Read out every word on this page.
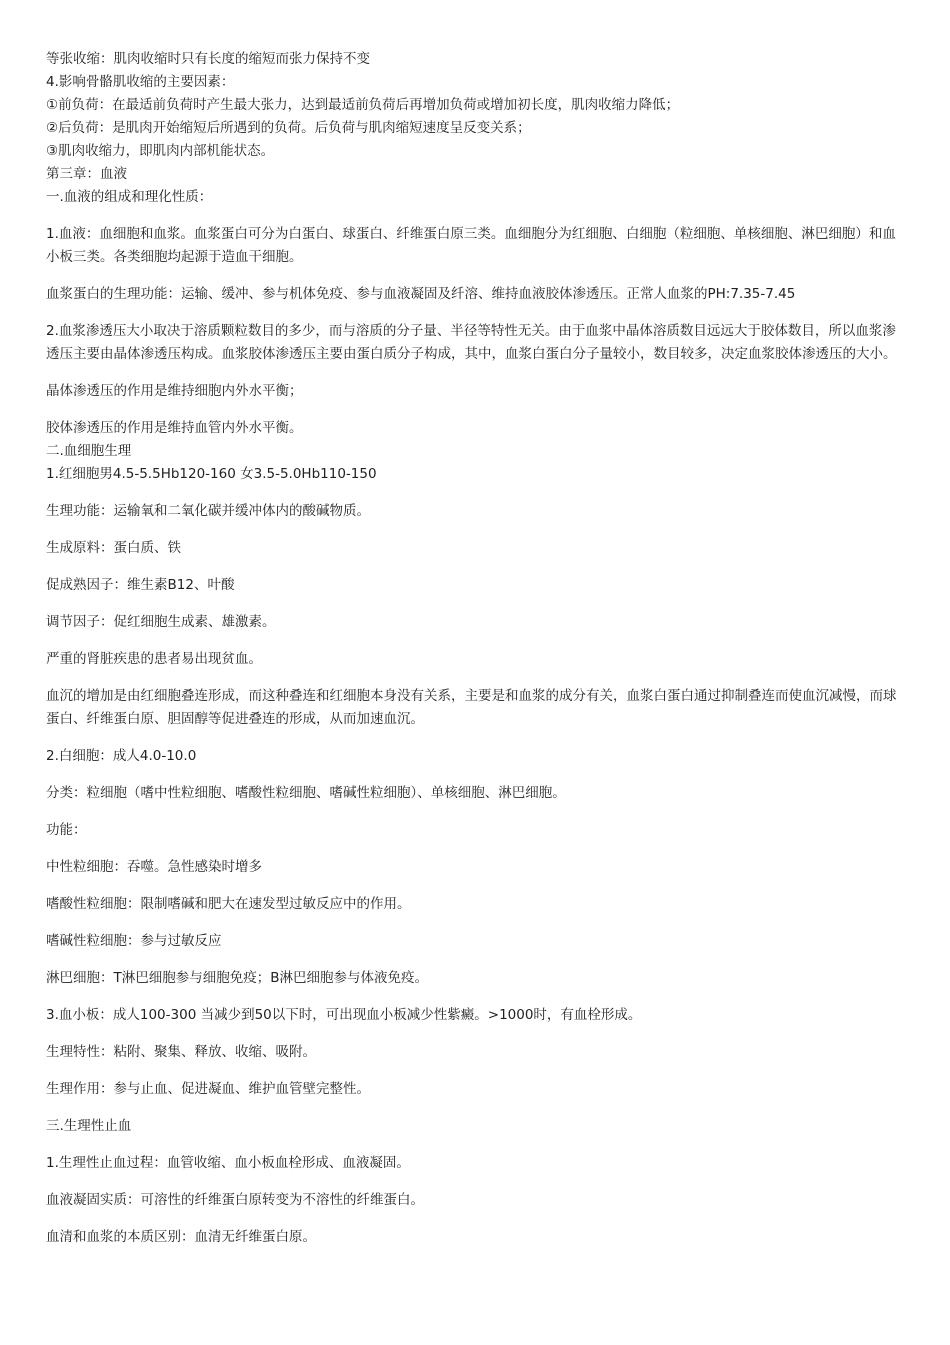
等张收缩：肌肉收缩时只有长度的缩短而张力保持不变

4.影响骨骼肌收缩的主要因素：

①前负荷：在最适前负荷时产生最大张力，达到最适前负荷后再增加负荷或增加初长度，肌肉收缩力降低；

②后负荷：是肌肉开始缩短后所遇到的负荷。后负荷与肌肉缩短速度呈反变关系；

③肌肉收缩力，即肌肉内部机能状态。

第三章：血液

一.血液的组成和理化性质：

1.血液：血细胞和血浆。血浆蛋白可分为白蛋白、球蛋白、纤维蛋白原三类。血细胞分为红细胞、白细胞（粒细胞、单核细胞、淋巴细胞）和血小板三类。各类细胞均起源于造血干细胞。

血浆蛋白的生理功能：运输、缓冲、参与机体免疫、参与血液凝固及纤溶、维持血液胶体渗透压。正常人血浆的PH:7.35-7.45

2.血浆渗透压大小取决于溶质颗粒数目的多少，而与溶质的分子量、半径等特性无关。由于血浆中晶体溶质数目远远大于胶体数目，所以血浆渗透压主要由晶体渗透压构成。血浆胶体渗透压主要由蛋白质分子构成，其中，血浆白蛋白分子量较小，数目较多，决定血浆胶体渗透压的大小。

晶体渗透压的作用是维持细胞内外水平衡；

胶体渗透压的作用是维持血管内外水平衡。

二.血细胞生理

1.红细胞男4.5-5.5Hb120-160 女3.5-5.0Hb110-150

生理功能：运输氧和二氧化碳并缓冲体内的酸碱物质。

生成原料：蛋白质、铁

促成熟因子：维生素B12、叶酸

调节因子：促红细胞生成素、雄激素。

严重的肾脏疾患的患者易出现贫血。

血沉的增加是由红细胞叠连形成，而这种叠连和红细胞本身没有关系，主要是和血浆的成分有关，血浆白蛋白通过抑制叠连而使血沉减慢，而球蛋白、纤维蛋白原、胆固醇等促进叠连的形成，从而加速血沉。

2.白细胞：成人4.0-10.0

分类：粒细胞（嗜中性粒细胞、嗜酸性粒细胞、嗜碱性粒细胞）、单核细胞、淋巴细胞。

功能：

中性粒细胞：吞噬。急性感染时增多

嗜酸性粒细胞：限制嗜碱和肥大在速发型过敏反应中的作用。

嗜碱性粒细胞：参与过敏反应

淋巴细胞：T淋巴细胞参与细胞免疫；B淋巴细胞参与体液免疫。

3.血小板：成人100-300 当减少到50以下时，可出现血小板减少性紫癜。>1000时，有血栓形成。

生理特性：粘附、聚集、释放、收缩、吸附。

生理作用：参与止血、促进凝血、维护血管壁完整性。

三.生理性止血

1.生理性止血过程：血管收缩、血小板血栓形成、血液凝固。

血液凝固实质：可溶性的纤维蛋白原转变为不溶性的纤维蛋白。

血清和血浆的本质区别：血清无纤维蛋白原。
